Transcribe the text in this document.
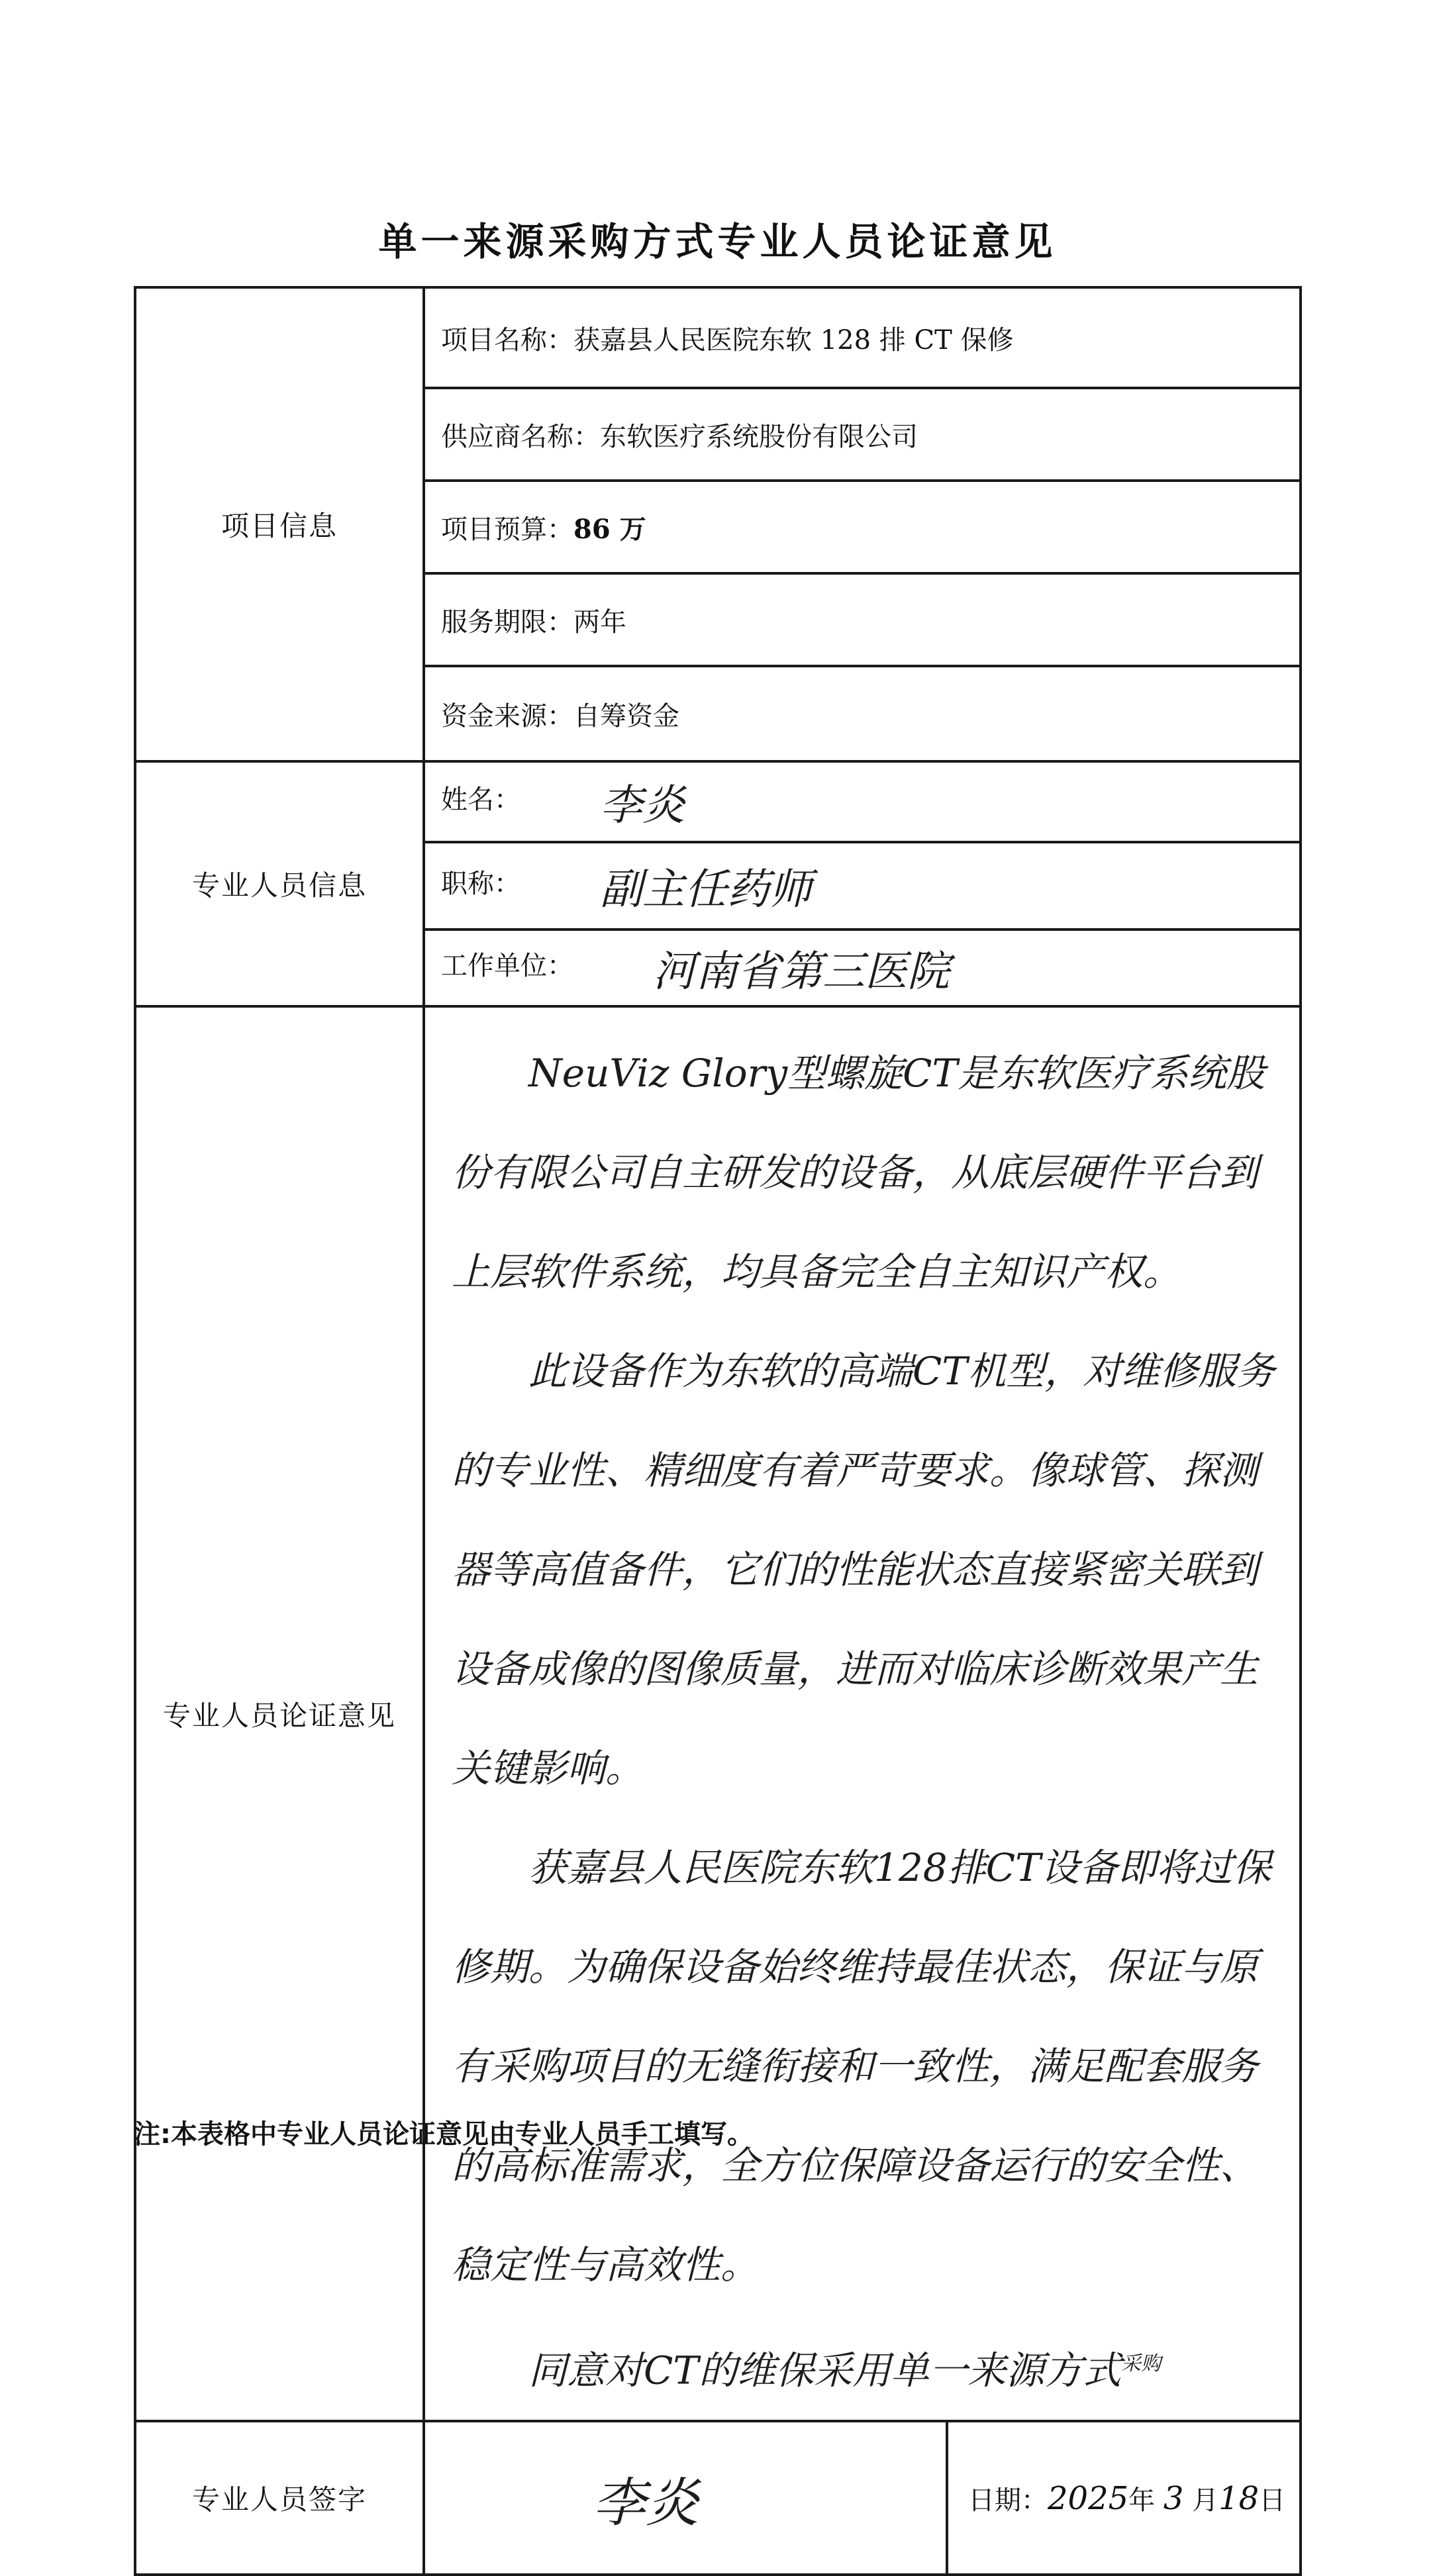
单一来源采购方式专业人员论证意见
项目信息	项目名称：获嘉县人民医院东软 128 排 CT 保修	
	供应商名称：东软医疗系统股份有限公司	
	项目预算：86 万	
	服务期限：两年	
	资金来源：自筹资金	
专业人员信息	姓名： 李炎	
	职称： 副主任药师	
	工作单位： 河南省第三医院	
专业人员论证意见	NeuViz Glory型螺旋CT是东软医疗系统股份有限公司自主研发的设备，从底层硬件平台到上层软件系统，均具备完全自主知识产权。

此设备作为东软的高端CT机型，对维修服务的专业性、精细度有着严苛要求。像球管、探测器等高值备件，它们的性能状态直接紧密关联到设备成像的图像质量，进而对临床诊断效果产生关键影响。

获嘉县人民医院东软128排CT设备即将过保修期。为确保设备始终维持最佳状态，保证与原有采购项目的无缝衔接和一致性，满足配套服务的高标准需求，全方位保障设备运行的安全性、稳定性与高效性。

同意对CT的维保采用单一来源方式$^{采购}$

专业人员签字	李炎	日期：2025年 3 月18日
注:本表格中专业人员论证意见由专业人员手工填写。
